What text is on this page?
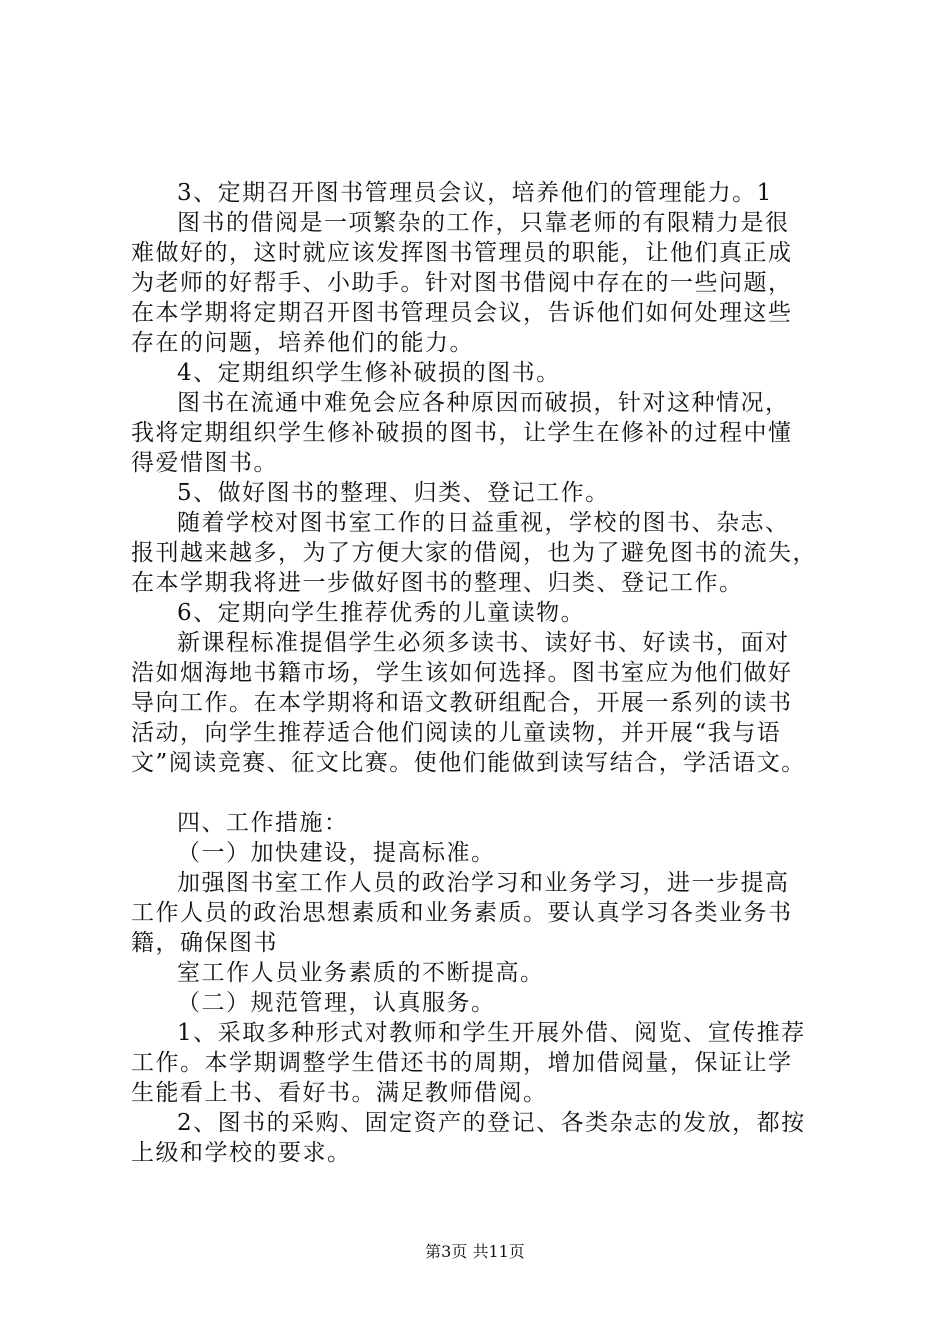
3、定期召开图书管理员会议，培养他们的管理能力。1
图书的借阅是一项繁杂的工作，只靠老师的有限精力是很
难做好的，这时就应该发挥图书管理员的职能，让他们真正成
为老师的好帮手、小助手。针对图书借阅中存在的一些问题，
在本学期将定期召开图书管理员会议，告诉他们如何处理这些
存在的问题，培养他们的能力。
4、定期组织学生修补破损的图书。
图书在流通中难免会应各种原因而破损，针对这种情况，
我将定期组织学生修补破损的图书，让学生在修补的过程中懂
得爱惜图书。
5、做好图书的整理、归类、登记工作。
随着学校对图书室工作的日益重视，学校的图书、杂志、
报刊越来越多，为了方便大家的借阅，也为了避免图书的流失，
在本学期我将进一步做好图书的整理、归类、登记工作。
6、定期向学生推荐优秀的儿童读物。
新课程标准提倡学生必须多读书、读好书、好读书，面对
浩如烟海地书籍市场，学生该如何选择。图书室应为他们做好
导向工作。在本学期将和语文教研组配合，开展一系列的读书
活动，向学生推荐适合他们阅读的儿童读物，并开展“我与语
文”阅读竞赛、征文比赛。使他们能做到读写结合，学活语文。
四、工作措施：
（一）加快建设，提高标准。
加强图书室工作人员的政治学习和业务学习，进一步提高
工作人员的政治思想素质和业务素质。要认真学习各类业务书
籍，确保图书
室工作人员业务素质的不断提高。
（二）规范管理，认真服务。
1、采取多种形式对教师和学生开展外借、阅览、宣传推荐
工作。本学期调整学生借还书的周期，增加借阅量，保证让学
生能看上书、看好书。满足教师借阅。
2、图书的采购、固定资产的登记、各类杂志的发放，都按
上级和学校的要求。
第3页 共11页
